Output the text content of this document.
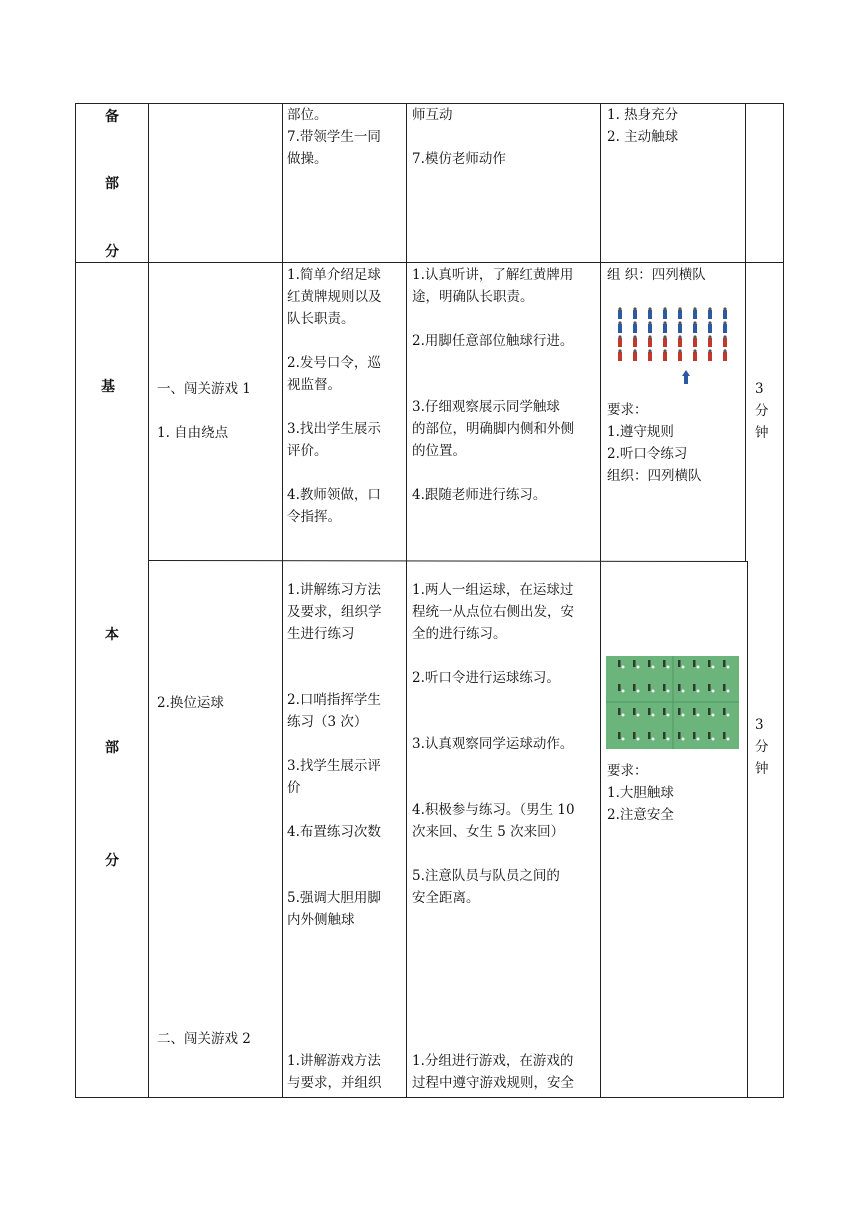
备
部
分
部位。
7.带领学生一同
做操。
师互动

7.模仿老师动作
1. 热身充分
2. 主动触球
基
本
部
分
一、闯关游戏 1

1. 自由绕点
1.简单介绍足球
红黄牌规则以及
队长职责。

2.发号口令，巡
视监督。

3.找出学生展示
评价。

4.教师领做，口
令指挥。
1.认真听讲，了解红黄牌用
途，明确队长职责。

2.用脚任意部位触球行进。

3.仔细观察展示同学触球
的部位，明确脚内侧和外侧
的位置。

4.跟随老师进行练习。
组 织：四列横队
要求：
1.遵守规则
2.听口令练习
组织：四列横队
3
分
钟
2.换位运球
1.讲解练习方法
及要求，组织学
生进行练习

2.口哨指挥学生
练习（3 次）

3.找学生展示评
价

4.布置练习次数

5.强调大胆用脚
内外侧触球
1.两人一组运球，在运球过
程统一从点位右侧出发，安
全的进行练习。

2.听口令进行运球练习。

3.认真观察同学运球动作。

4.积极参与练习。（男生 10
次来回、女生 5 次来回）

5.注意队员与队员之间的
安全距离。
要求：
1.大胆触球
2.注意安全
3
分
钟
二、闯关游戏 2
1.讲解游戏方法
与要求，并组织
1.分组进行游戏，在游戏的
过程中遵守游戏规则，安全
